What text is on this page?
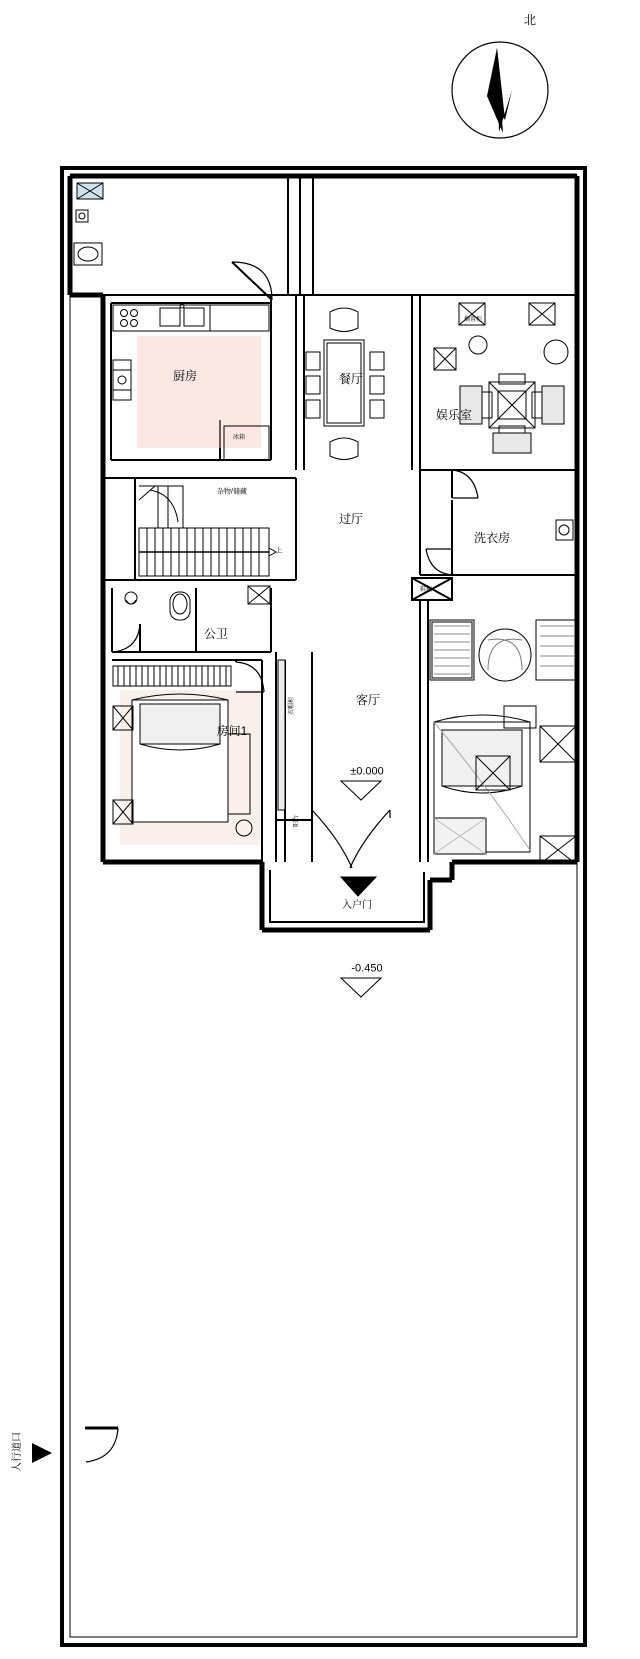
北
厨房	餐厅
娱乐室
过厅
洗衣房
客厅
房间1
公卫
杂物/储藏
上
冰箱
搁置柜
鞋柜
衣帽柜
阳台
±0.000
-0.450
入户门
人行道口
